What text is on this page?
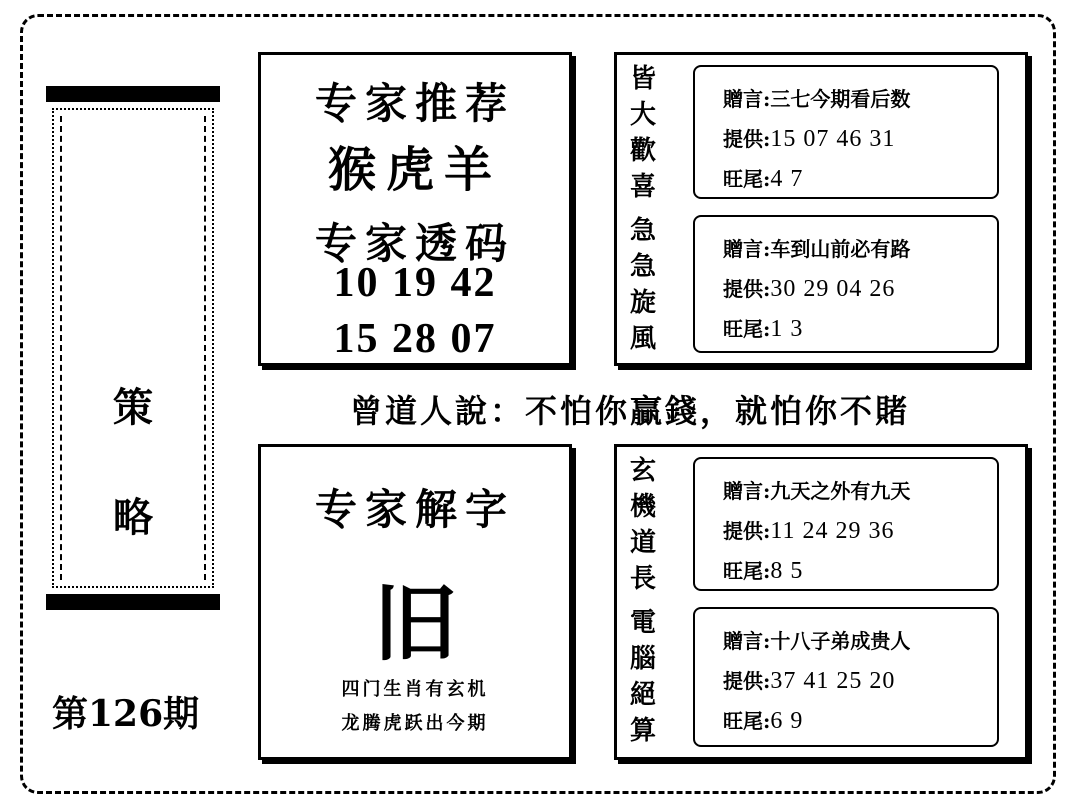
策
略
第126期
专家推荐
猴虎羊
专家透码
10 19 42
15 28 07
曾道人說：不怕你贏錢，就怕你不賭
专家解字
旧
四门生肖有玄机
龙腾虎跃出今期
皆
大
歡
喜
急
急
旋
風
贈言:三七今期看后数
提供:15 07 46 31
旺尾:4 7
贈言:车到山前必有路
提供:30 29 04 26
旺尾:1 3
玄
機
道
長
電
腦
絕
算
贈言:九天之外有九天
提供:11 24 29 36
旺尾:8 5
贈言:十八子弟成贵人
提供:37 41 25 20
旺尾:6 9
